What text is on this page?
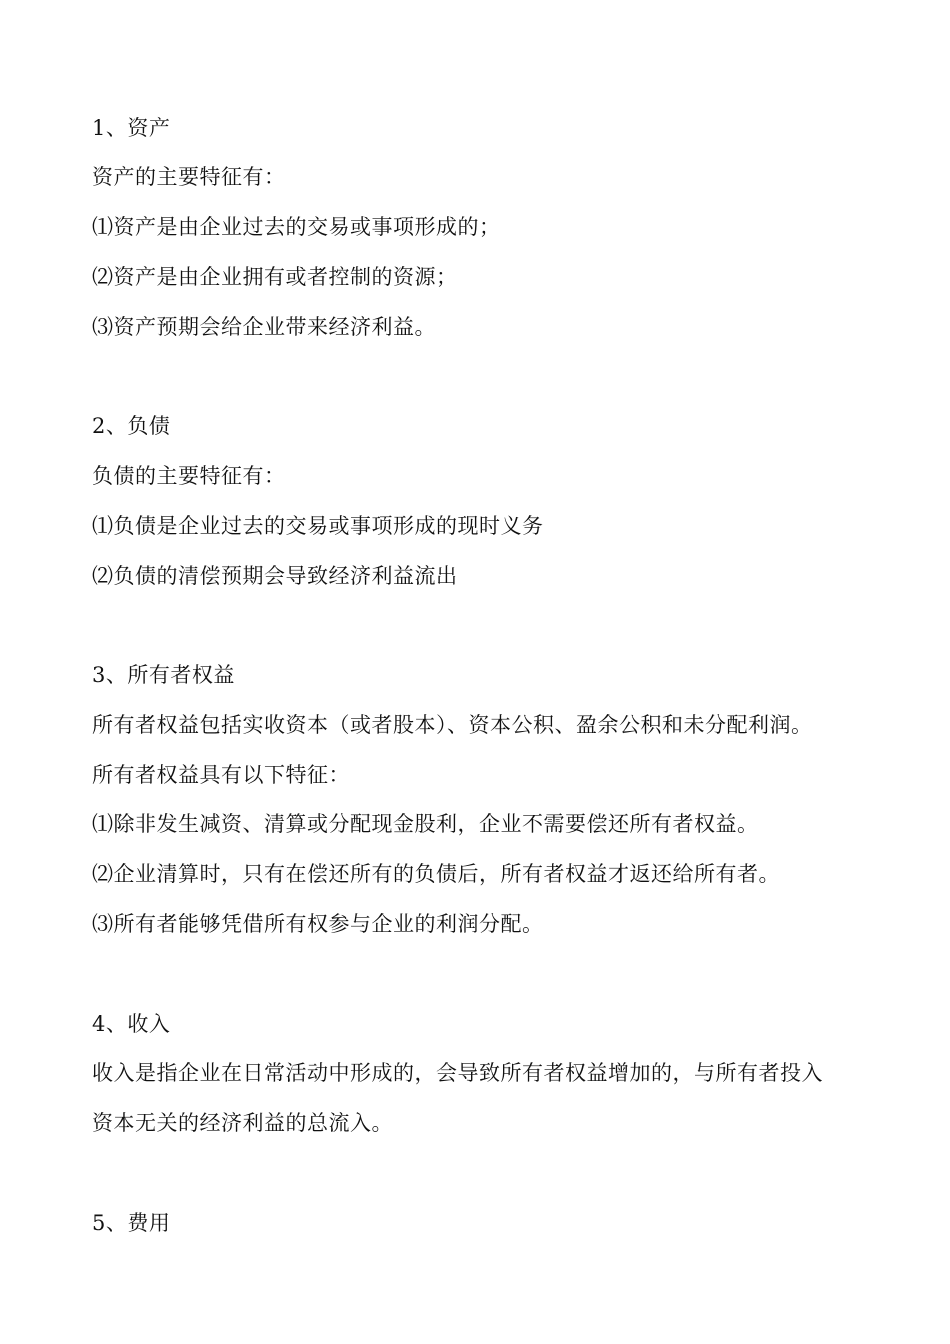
1、资产
资产的主要特征有：
⑴资产是由企业过去的交易或事项形成的；
⑵资产是由企业拥有或者控制的资源；
⑶资产预期会给企业带来经济利益。
2、负债
负债的主要特征有：
⑴负债是企业过去的交易或事项形成的现时义务
⑵负债的清偿预期会导致经济利益流出
3、所有者权益
所有者权益包括实收资本（或者股本）、资本公积、盈余公积和未分配利润。
所有者权益具有以下特征：
⑴除非发生减资、清算或分配现金股利，企业不需要偿还所有者权益。
⑵企业清算时，只有在偿还所有的负债后，所有者权益才返还给所有者。
⑶所有者能够凭借所有权参与企业的利润分配。
4、收入
收入是指企业在日常活动中形成的，会导致所有者权益增加的，与所有者投入
资本无关的经济利益的总流入。
5、费用
